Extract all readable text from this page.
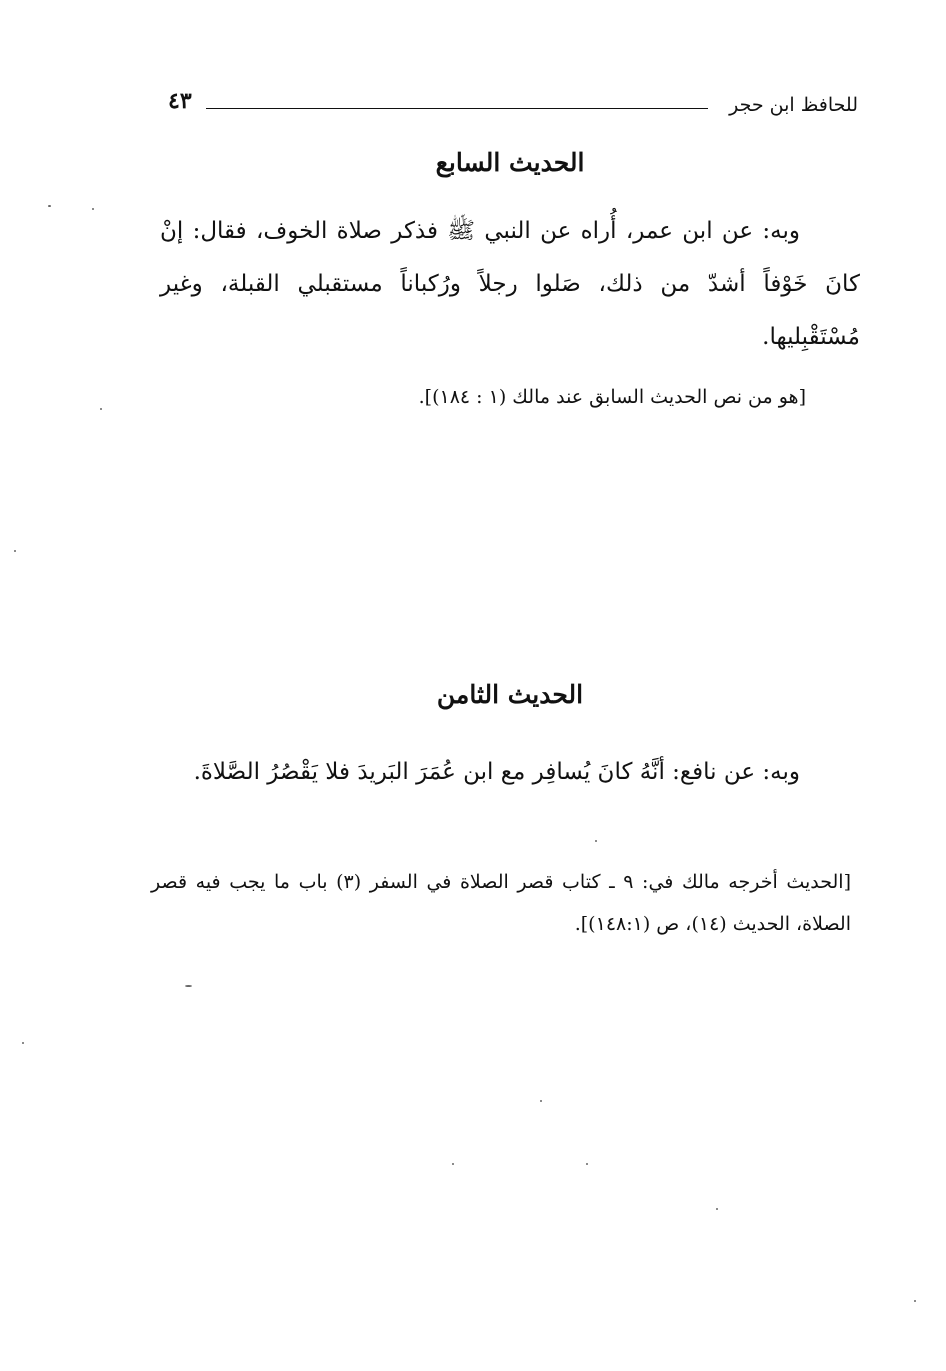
للحافظ ابن حجر
٤٣
الحديث السابع

وبه: عن ابن عمر، أُراه عن النبي ﷺ فذكر صلاة الخوف، فقال: إنْ كانَ خَوْفاً أشدّ من ذلك، صَلوا رجلاً ورُكباناً مستقبلي القبلة، وغير مُسْتَقْبِليها.

[هو من نص الحديث السابق عند مالك (١ : ١٨٤)].

الحديث الثامن

وبه: عن نافع: أنَّهُ كانَ يُسافِر مع ابن عُمَرَ البَريدَ فلا يَقْصُرُ الصَّلاةَ.

[الحديث أخرجه مالك في: ٩ ـ كتاب قصر الصلاة في السفر (٣) باب ما يجب فيه قصر الصلاة، الحديث (١٤)، ص (١٤٨:١)].
